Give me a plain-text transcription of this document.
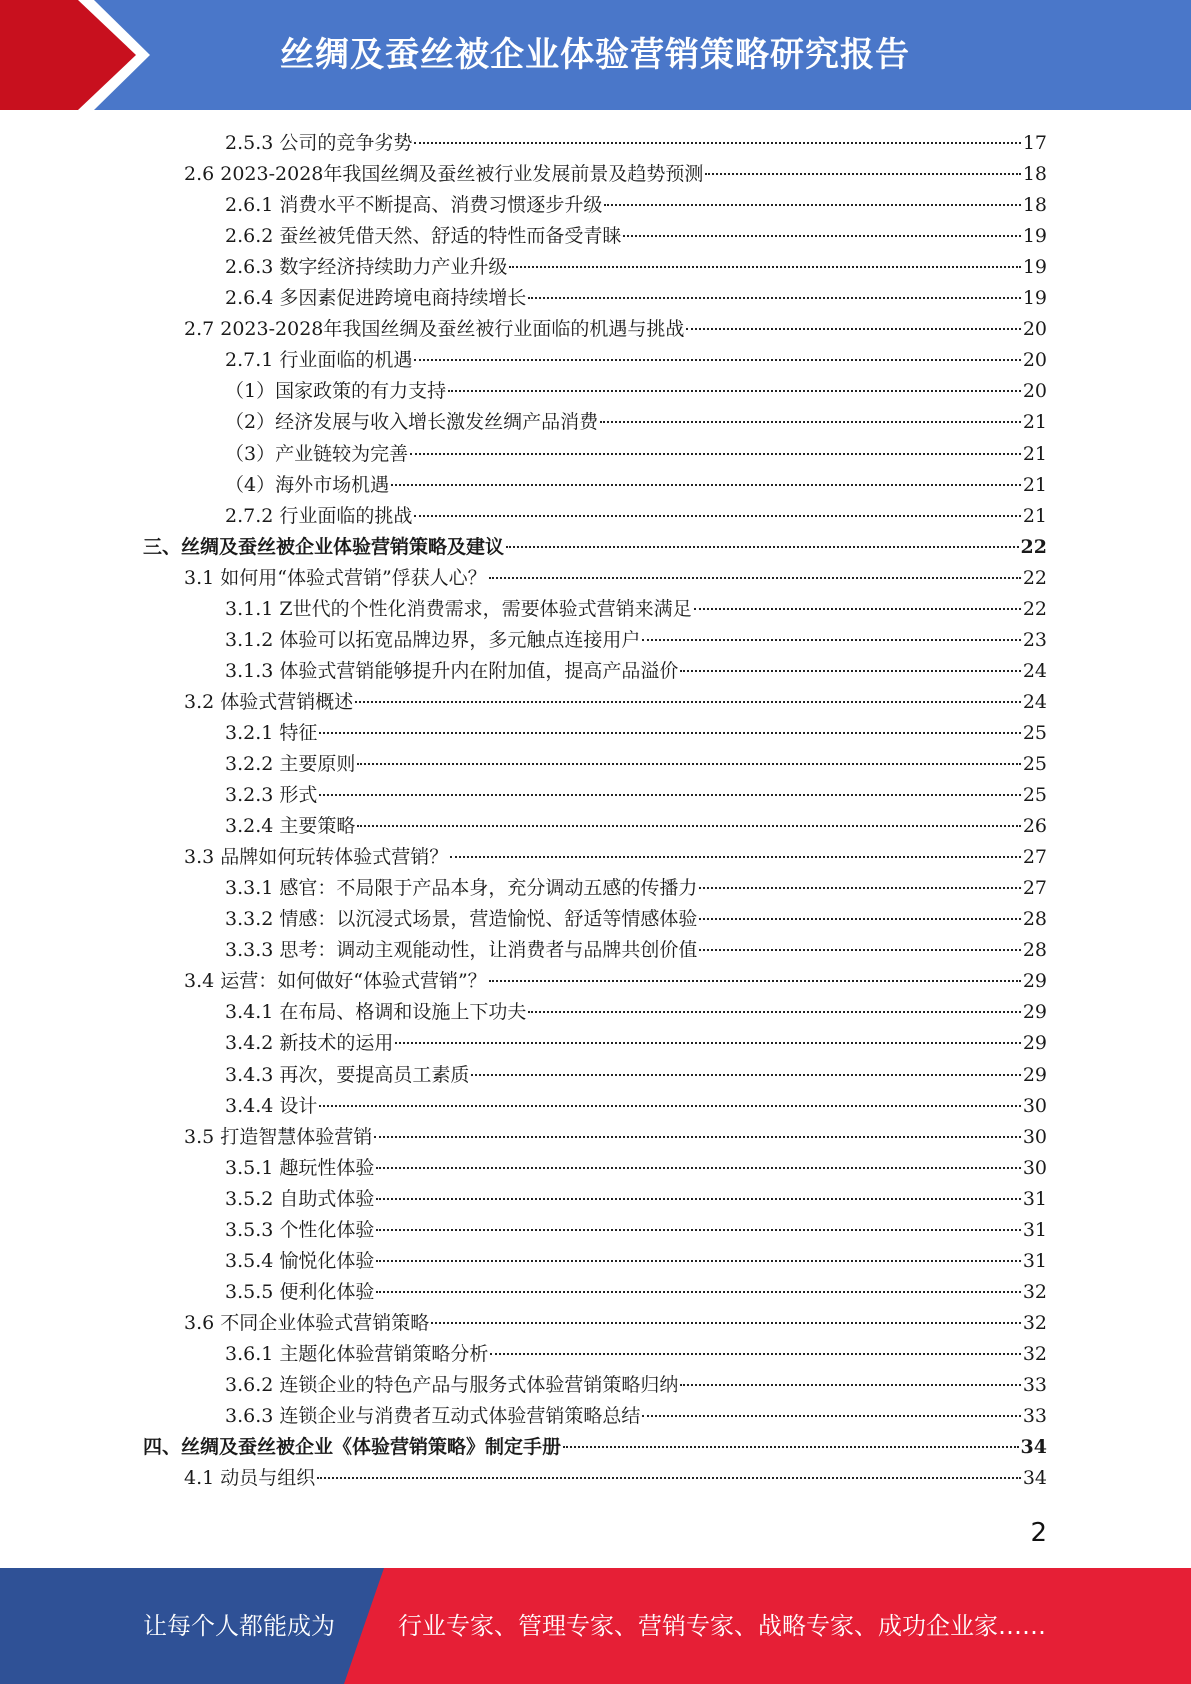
丝绸及蚕丝被企业体验营销策略研究报告
2.5.3 公司的竞争劣势	17
2.6 2023-2028年我国丝绸及蚕丝被行业发展前景及趋势预测	18
2.6.1 消费水平不断提高、消费习惯逐步升级	18
2.6.2 蚕丝被凭借天然、舒适的特性而备受青睐	19
2.6.3 数字经济持续助力产业升级	19
2.6.4 多因素促进跨境电商持续增长	19
2.7 2023-2028年我国丝绸及蚕丝被行业面临的机遇与挑战	20
2.7.1 行业面临的机遇	20
（1）国家政策的有力支持	20
（2）经济发展与收入增长激发丝绸产品消费	21
（3）产业链较为完善	21
（4）海外市场机遇	21
2.7.2 行业面临的挑战	21
三、丝绸及蚕丝被企业体验营销策略及建议	22
3.1 如何用“体验式营销”俘获人心？	22
3.1.1 Z世代的个性化消费需求，需要体验式营销来满足	22
3.1.2 体验可以拓宽品牌边界，多元触点连接用户	23
3.1.3 体验式营销能够提升内在附加值，提高产品溢价	24
3.2 体验式营销概述	24
3.2.1 特征	25
3.2.2 主要原则	25
3.2.3 形式	25
3.2.4 主要策略	26
3.3 品牌如何玩转体验式营销？	27
3.3.1 感官：不局限于产品本身，充分调动五感的传播力	27
3.3.2 情感：以沉浸式场景，营造愉悦、舒适等情感体验	28
3.3.3 思考：调动主观能动性，让消费者与品牌共创价值	28
3.4 运营：如何做好“体验式营销”？	29
3.4.1 在布局、格调和设施上下功夫	29
3.4.2 新技术的运用	29
3.4.3 再次，要提高员工素质	29
3.4.4 设计	30
3.5 打造智慧体验营销	30
3.5.1 趣玩性体验	30
3.5.2 自助式体验	31
3.5.3 个性化体验	31
3.5.4 愉悦化体验	31
3.5.5 便利化体验	32
3.6 不同企业体验式营销策略	32
3.6.1 主题化体验营销策略分析	32
3.6.2 连锁企业的特色产品与服务式体验营销策略归纳	33
3.6.3 连锁企业与消费者互动式体验营销策略总结	33
四、丝绸及蚕丝被企业《体验营销策略》制定手册	34
4.1 动员与组织	34
2
让每个人都能成为	行业专家、管理专家、营销专家、战略专家、成功企业家……
